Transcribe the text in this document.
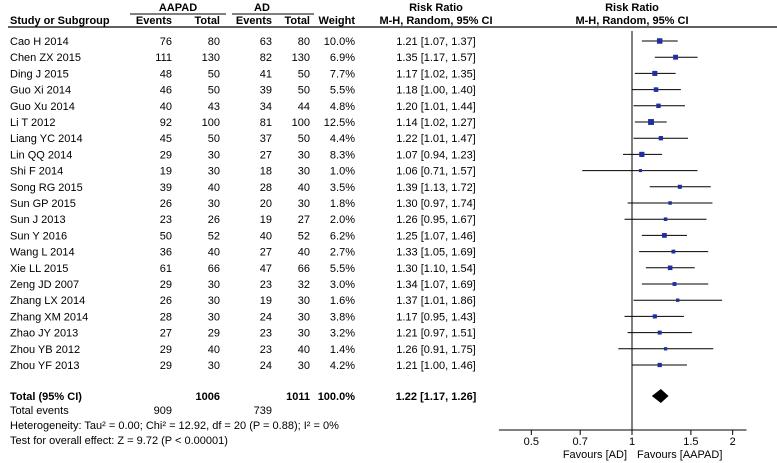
AAPAD	AD
Study or Subgroup Events Total Events Total Weight
Risk Ratio
M-H, Random, 95% CI
Risk Ratio
M-H, Random, 95% CI
Cao H 2014	76	80	63 80 10.0%	1.21 [1.07, 1.37]
Chen ZX 2015	111	130	82 130 6.9%	1.35 [1.17, 1.57]
Ding J 2015	48	50	41 50 7.7%	1.17 [1.02, 1.35]
Guo Xi 2014	46	50	39 50 5.5%	1.18 [1.00, 1.40]
Guo Xu 2014	40	43	34 44 4.8%	1.20 [1.01, 1.44]
Li T 2012	92	100	81 100 12.5%	1.14 [1.02, 1.27]
Liang YC 2014	45	50	37 50 4.4%	1.22 [1.01, 1.47]
Lin QQ 2014	29	30	27 30 8.3%	1.07 [0.94, 1.23]
Shi F 2014	19	30	18 30 1.0%	1.06 [0.71, 1.57]
Song RG 2015	39	40	28 40 3.5%	1.39 [1.13, 1.72]
Sun GP 2015	26	30	20 30 1.8%	1.30 [0.97, 1.74]
Sun J 2013	23	26	19 27 2.0%	1.26 [0.95, 1.67]
Sun Y 2016	50	52	40 52 6.2%	1.25 [1.07, 1.46]
Wang L 2014	36	40	27 40 2.7%	1.33 [1.05, 1.69]
Xie LL 2015	61	66	47 66 5.5%	1.30 [1.10, 1.54]
Zeng JD 2007	29	30	23 32 3.0%	1.34 [1.07, 1.69]
Zhang LX 2014	26	30	19 30 1.6%	1.37 [1.01, 1.86]
Zhang XM 2014	28	30	24 30 3.8%	1.17 [0.95, 1.43]
Zhao JY 2013	27	29	23 30 3.2%	1.21 [0.97, 1.51]
Zhou YB 2012	29	40	23 40 1.4%	1.26 [0.91, 1.75]
Zhou YF 2013	29	30	24 30 4.2%	1.21 [1.00, 1.46]
Total (95% CI)	1006	1011 100.0%	1.22 [1.17, 1.26]
0.5	0.7	1	1.5	2
Favours [AD] Favours [AAPAD]
Total events	909	739
Heterogeneity: Tau² = 0.00; Chi² = 12.92, df = 20 (P = 0.88); I² = 0%
Test for overall effect: Z = 9.72 (P < 0.00001)
